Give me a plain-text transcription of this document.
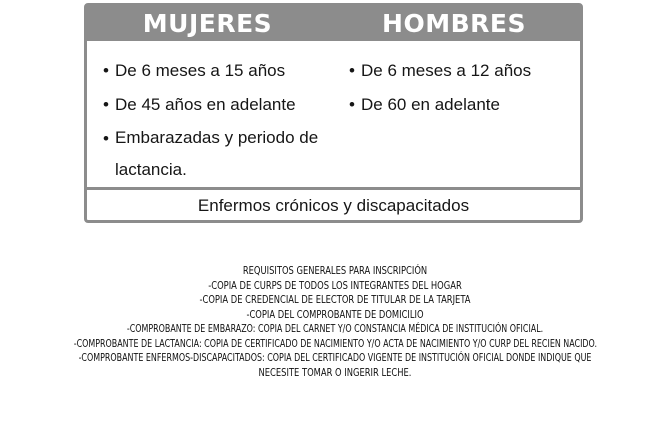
MUJERES	HOMBRES
• De 6 meses a 15 años
• De 45 años en adelante
• Embarazadas y periodo de lactancia.
• De 6 meses a 12 años
• De 60 en adelante
Enfermos crónicos y discapacitados
REQUISITOS GENERALES PARA INSCRIPCIÓN
-COPIA DE CURPS DE TODOS LOS INTEGRANTES DEL HOGAR
-COPIA DE CREDENCIAL DE ELECTOR DE TITULAR DE LA TARJETA
-COPIA DEL COMPROBANTE DE DOMICILIO
-COMPROBANTE DE EMBARAZO: COPIA DEL CARNET Y/O CONSTANCIA MÉDICA DE INSTITUCIÓN OFICIAL.
-COMPROBANTE DE LACTANCIA: COPIA DE CERTIFICADO DE NACIMIENTO Y/O ACTA DE NACIMIENTO Y/O CURP DEL RECIEN NACIDO.
-COMPROBANTE ENFERMOS-DISCAPACITADOS: COPIA DEL CERTIFICADO VIGENTE DE INSTITUCIÓN OFICIAL DONDE INDIQUE QUE
NECESITE TOMAR O INGERIR LECHE.
